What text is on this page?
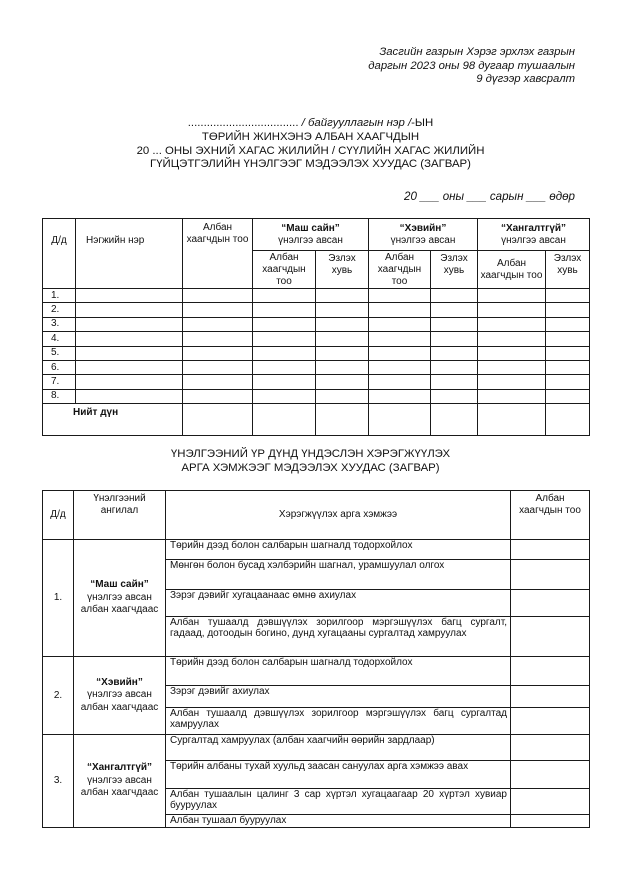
Засгийн газрын Хэрэг эрхлэх газрын
даргын 2023 оны 98 дугаар тушаалын
9 дүгээр хавсралт
................................... / байгууллагын нэр /-ЫН
ТӨРИЙН ЖИНХЭНЭ АЛБАН ХААГЧДЫН
20 ... ОНЫ ЭХНИЙ ХАГАС ЖИЛИЙН / СҮҮЛИЙН ХАГАС ЖИЛИЙН
ГҮЙЦЭТГЭЛИЙН ҮНЭЛГЭЭГ МЭДЭЭЛЭХ ХУУДАС (ЗАГВАР)
20 ___ оны ___ сарын ___ өдөр
Д/д	Нэгжийн нэр	Албан хаагчдын тоо	“Маш сайн”
үнэлгээ авсан		“Хэвийн”
үнэлгээ авсан		“Хангалтгүй”
үнэлгээ авсан	

			Албан хаагчдын тоо	Эзлэх хувь	Албан хаагчдын тоо	Эзлэх хувь	Албан хаагчдын тоо	Эзлэх хувь
1.								
2.								
3.								
4.								
5.								
6.								
7.								
8.								
Нийт дүн								
ҮНЭЛГЭЭНИЙ ҮР ДҮНД ҮНДЭСЛЭН ХЭРЭГЖҮҮЛЭХ
АРГА ХЭМЖЭЭГ МЭДЭЭЛЭХ ХУУДАС (ЗАГВАР)
Д/д	Үнэлгээний ангилал	Хэрэгжүүлэх арга хэмжээ	Албан хаагчдын тоо
1.	“Маш сайн”
үнэлгээ авсан албан хаагчдаас	Төрийн дээд болон салбарын шагналд тодорхойлох	
		Мөнгөн болон бусад хэлбэрийн шагнал, урамшуулал олгох	
		Зэрэг дэвийг хугацаанаас өмнө ахиулах	
		Албан тушаалд дэвшүүлэх зорилгоор мэргэшүүлэх багц сургалт, гадаад, дотоодын богино, дунд хугацааны сургалтад хамруулах	
2.	“Хэвийн”
үнэлгээ авсан албан хаагчдаас	Төрийн дээд болон салбарын шагналд тодорхойлох	
		Зэрэг дэвийг ахиулах	
		Албан тушаалд дэвшүүлэх зорилгоор мэргэшүүлэх багц сургалтад хамруулах	
3.	“Хангалтгүй”
үнэлгээ авсан албан хаагчдаас	Сургалтад хамруулах (албан хаагчийн өөрийн зардлаар)	
		Төрийн албаны тухай хуульд заасан сануулах арга хэмжээ авах	
		Албан тушаалын цалинг 3 сар хүртэл хугацаагаар 20 хүртэл хувиар бууруулах	
		Албан тушаал бууруулах	
